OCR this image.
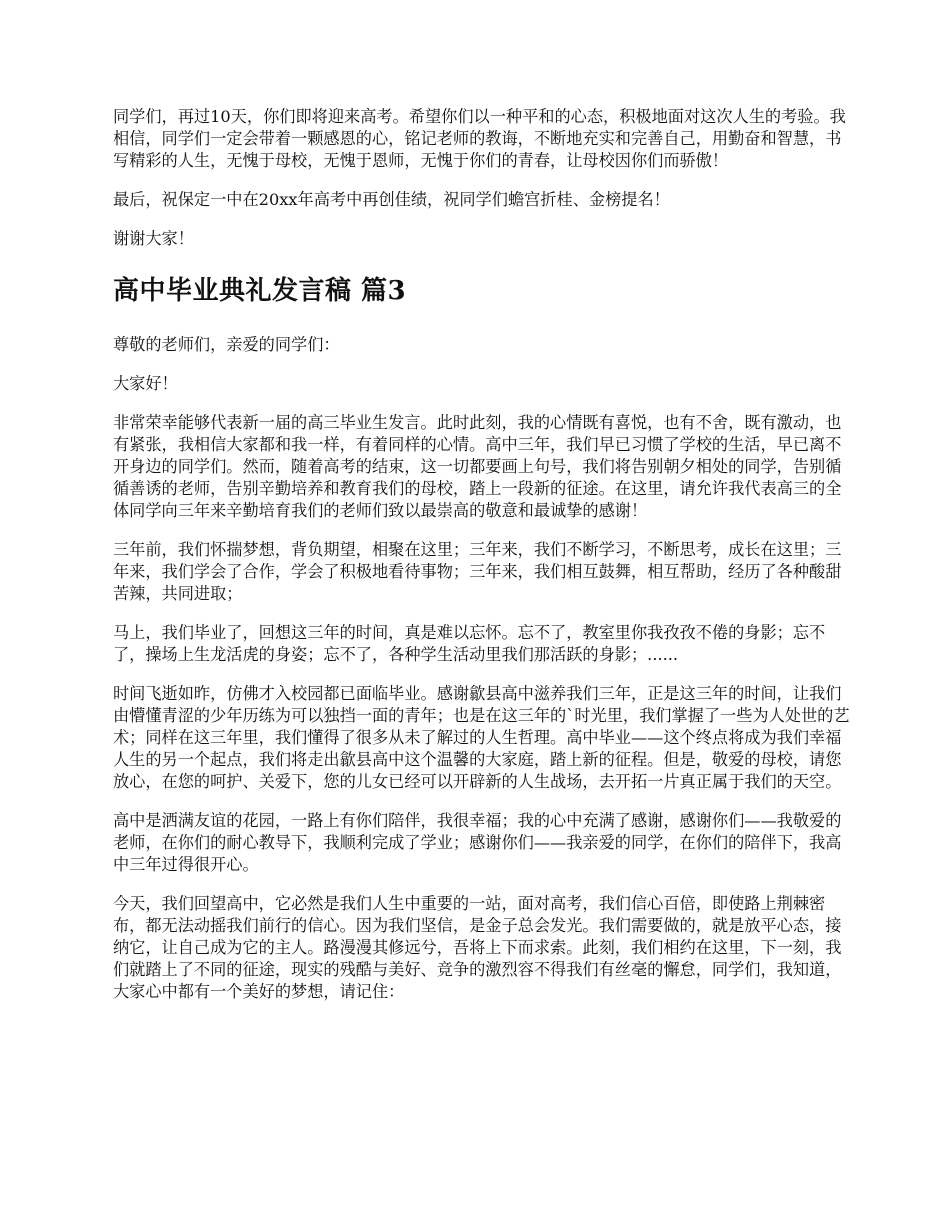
同学们，再过10天，你们即将迎来高考。希望你们以一种平和的心态，积极地面对这次人生的考验。我相信，同学们一定会带着一颗感恩的心，铭记老师的教诲，不断地充实和完善自己，用勤奋和智慧，书写精彩的人生，无愧于母校，无愧于恩师，无愧于你们的青春，让母校因你们而骄傲！

最后，祝保定一中在20xx年高考中再创佳绩，祝同学们蟾宫折桂、金榜提名！

谢谢大家！

高中毕业典礼发言稿 篇3

尊敬的老师们，亲爱的同学们：

大家好！

非常荣幸能够代表新一届的高三毕业生发言。此时此刻，我的心情既有喜悦，也有不舍，既有激动，也有紧张，我相信大家都和我一样，有着同样的心情。高中三年，我们早已习惯了学校的生活，早已离不开身边的同学们。然而，随着高考的结束，这一切都要画上句号，我们将告别朝夕相处的同学，告别循循善诱的老师，告别辛勤培养和教育我们的母校，踏上一段新的征途。在这里，请允许我代表高三的全体同学向三年来辛勤培育我们的老师们致以最崇高的敬意和最诚挚的感谢！

三年前，我们怀揣梦想，背负期望，相聚在这里；三年来，我们不断学习，不断思考，成长在这里；三年来，我们学会了合作，学会了积极地看待事物；三年来，我们相互鼓舞，相互帮助，经历了各种酸甜苦辣，共同进取；

马上，我们毕业了，回想这三年的时间，真是难以忘怀。忘不了，教室里你我孜孜不倦的身影；忘不了，操场上生龙活虎的身姿；忘不了，各种学生活动里我们那活跃的身影；......

时间飞逝如昨，仿佛才入校园都已面临毕业。感谢歙县高中滋养我们三年，正是这三年的时间，让我们由懵懂青涩的少年历练为可以独挡一面的青年；也是在这三年的`时光里，我们掌握了一些为人处世的艺术；同样在这三年里，我们懂得了很多从未了解过的人生哲理。高中毕业——这个终点将成为我们幸福人生的另一个起点，我们将走出歙县高中这个温馨的大家庭，踏上新的征程。但是，敬爱的母校，请您放心，在您的呵护、关爱下，您的儿女已经可以开辟新的人生战场，去开拓一片真正属于我们的天空。

高中是洒满友谊的花园，一路上有你们陪伴，我很幸福；我的心中充满了感谢，感谢你们——我敬爱的老师，在你们的耐心教导下，我顺利完成了学业；感谢你们——我亲爱的同学，在你们的陪伴下，我高中三年过得很开心。

今天，我们回望高中，它必然是我们人生中重要的一站，面对高考，我们信心百倍，即使路上荆棘密布，都无法动摇我们前行的信心。因为我们坚信，是金子总会发光。我们需要做的，就是放平心态，接纳它，让自己成为它的主人。路漫漫其修远兮，吾将上下而求索。此刻，我们相约在这里，下一刻，我们就踏上了不同的征途，现实的残酷与美好、竞争的激烈容不得我们有丝毫的懈怠，同学们，我知道，大家心中都有一个美好的梦想，请记住：
